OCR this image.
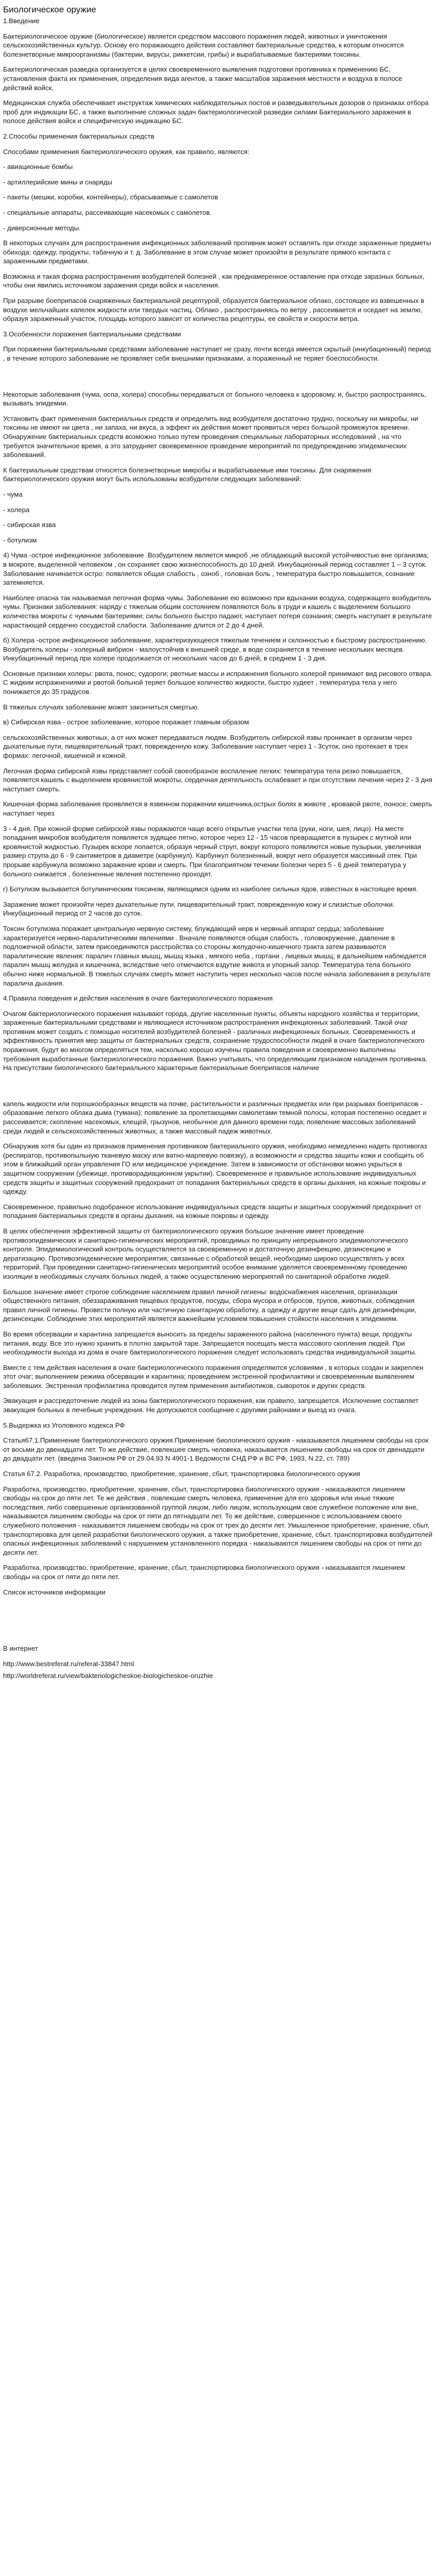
Биологическое оружие
1.Введение
Бактериологическое оружие (биологическое) является средством массового поражения людей, животных и уничтожения сельскохозяйственных культур. Основу его поражающего действия составляют бактериальные средства, к которым относятся болезнетворные микроорганизмы (бактерии, вирусы, риккетсии, грибы) и вырабатываемые бактериями токсины.
Бактериологическая разведка организуется в целях своевременного выявления подготовки противника к применению БС, установления факта их применения, определения вида агентов, а также масштабов заражения местности и воздуха в полосе действий войск.
Медицинская служба обеспечивает инструктаж химических наблюдательных постов и разведывательных дозоров о признаках отбора проб для индикации БС, а также выполнение сложных задач бактериологической разведки силами Бактериального заражения в полосе действия войск и специфическую индикацию БС.
2.Способы применения бактериальных средств
Способами применения бактериологического оружия, как правило, являются:
- авиационные бомбы
- артиллерийские мины и снаряды
- пакеты (мешки, коробки, контейнеры), сбрасываемые с самолетов
- специальные аппараты, рассеивающие насекомых с самолетов.
- диверсионные методы.
В некоторых случаях для распространения инфекционных заболеваний противник может оставлять при отходе зараженные предметы обихода: одежду, продукты, табачную и т. д. Заболевание в этом случае может произойти в результате прямого контакта с зараженными предметами.
Возможна и такая форма распространения возбудителей болезней , как преднамеренное оставление при отходе заразных больных, чтобы они явились источником заражения среди войск и населения.
При разрыве боеприпасов снаряженных бактериальной рецептурой, образуется бактериальное облако, состоящее из взвешенных в воздухе мельчайших капелек жидкости или твердых частиц. Облако , распространяясь по ветру , рассеивается и оседает на землю, образуя зараженный участок, площадь которого зависит от количества рецептуры, ее свойств и скорости ветра.
3.Особенности поражения бактериальными средствами
При поражении бактериальными средствами заболевание наступает не сразу, почти всегда имеется скрытый (инкубационный) период , в течение которого заболевание не проявляет себя внешними признаками, а пораженный не теряет боеспособности.
Некоторые заболевания (чума, оспа, холера) способны передаваться от больного человека к здоровому, и, быстро распространяясь, вызывать эпидемии.
Установить факт применения бактериальных средств и определить вид возбудителя достаточно трудно, поскольку ни микробы, ни токсины не имеют ни цвета , ни запаха, ни вкуса, а эффект их действия может проявиться через большой промежуток времени. Обнаружение бактериальных средств возможно только путем проведения специальных лабораторных исследований , на что требуется значительное время, а это затрудняет своевременное проведение мероприятий по предупреждению эпидемических заболеваний.
К бактериальным средствам относятся болезнетворные микробы и вырабатываемые ими токсины. Для снаряжения бактериологического оружия могут быть использованы возбудители следующих заболеваний:
- чума
- холера
- сибирская язва
- ботулизм
4) Чума -острое инфекционное заболевание .Возбудителем является микроб ,не обладающий высокой устойчивостью вне организма; в мокроте, выделенной человеком , он сохраняет свою жизнеспособность до 10 дней. Инкубационный период составляет 1 – 3 суток. Заболевание начинается остро: появляется общая слабость , озноб , головная боль , температура быстро повышается, сознание затемняется.
Наиболее опасна так называемая легочная форма чумы. Заболевание ею возможно при вдыхании воздуха, содержащего возбудитель чумы. Признаки заболевания: наряду с тяжелым общим состоянием появляются боль в груди и кашель с выделением большого количества мокроты с чумными бактериями; силы больного быстро падают, наступает потеря сознания; смерть наступает в результате нарастающей сердечно сосудистой слабости. Заболевание длится от 2 до 4 дней.
б) Холера -острое инфекционное заболевание, характеризующееся тяжелым течением и склонностью к быстрому распространению. Возбудитель холеры - холерный вибрион - малоустойчив к внешней среде, в воде сохраняется в течение нескольких месяцев. Инкубационный период при холере продолжается от нескольких часов до 6 дней, в среднем 1 - 3 дня.
Основные признаки холеры: рвота, понос; судороги; рвотные массы и испражнения больного холерой принимают вид рисового отвара. С жидким испражнениями и рвотой больной теряет большое количество жидкости, быстро худеет , температура тела у него понижается до 35 градусов.
В тяжелых случаях заболевание может закончиться смертью.
в) Сибирская язва - острое заболевание, которое поражает главным образом
сельскохозяйственных животных, а от них может передаваться людям. Возбудитель сибирской язвы проникает в организм через дыхательные пути, пищеварительный тракт, поврежденную кожу. Заболевание наступает через 1 - 3суток, оно протекает в трех формах: легочной, кишечной и кожной.
Легочная форма сибирской язвы представляет собой своеобразное воспаление легких: температура тела резко повышается, появляется кашель с выделением кровянистой мокроты, сердечная деятельность ослабевает и при отсутствии лечения через 2 - 3 дня наступает смерть.
Кишечная форма заболевания проявляется в язвенном поражении кишечника,острых болях в животе , кровавой рвоте, поносе; смерть наступает через
3 - 4 дня. При кожной форме сибирской язвы поражаются чаще всего открытые участки тела (руки, ноги, шея, лицо). На месте попадания микробов возбудителя появляется зудящее пятно, которое через 12 - 15 часов превращается в пузырек с мутной или кровянистой жидкостью. Пузырек вскоре лопается, образуя черный струп, вокруг которого появляются новые пузырьки, увеличивая размер струпа до 6 - 9 сантиметров в диаметре (карбункул). Карбункул болезненный, вокруг него образуется массивный отек. При прорыве карбункула возможно заражение крови и смерть. При благоприятном течении болезни через 5 - 6 дней температура у больного снижается , болезненные явления постепенно проходят.
г) Ботулизм вызывается ботулиническим токсином, являющимся одним из наиболее сильных ядов, известных в настоящее время.
Заражение может произойти через дыхательные пути, пищеварительный тракт, поврежденную кожу и слизистые оболочки. Инкубационный период от 2 часов до суток.
Токсин ботулизма поражает центральную нервную систему, блуждающий нерв и нервный аппарат сердца; заболевание характеризуется нервно-паралитическими явлениями . Вначале появляются общая слабость , головокружение, давление в подложечной области, затем присоединяются расстройства со стороны желудочно-кишечного тракта затем развиваются паралитические явления: паралич главных мышц, мышц языка , мягкого неба , гортани , лицевых мышц; в дальнейшем наблюдается паралич мышц желудка и кишечника, вследствие чего отмечаются вздутие живота и упорный запор. Температура тела больного обычно ниже нормальной. В тяжелых случаях смерть может наступить через несколько часов после начала заболевания в результате паралича дыхания.
4.Правила поведения и действия населения в очаге бактериологического поражения
Очагом бактериологического поражения называют города, другие населенные пункты, объекты народного хозяйства и территории, зараженные бактериальными средствами и являющиеся источником распространения инфекционных заболеваний. Такой очаг противник может создать с помощью носителей возбудителей болезней - различных инфекционных больных. Своевременность и эффективность принятия мер защиты от бактериальных средств, сохранение трудоспособности людей в очаге бактериологического поражения, будут во многом определяться тем, насколько хорошо изучены правила поведения и своевременно выполнены требования выработанные бактериологического поражения. Важно учитывать, что определяющим признаком нападения противника. На присутствии биологического бактериального характерные бактериальные боеприпасов наличие
капель жидкости или порошкообразных веществ на почве, растительности и различных предметах или при разрывах боеприпасов - образование легкого облака дыма (тумана); появление за пролетающими самолетами темной полосы, которая постепенно оседает и рассеивается; скопление насекомых, клещей, грызунов, необычное для данного времени года; появление массовых заболеваний среди людей и сельскохозяйственных животных, а также массовый падеж животных.
Обнаружив хотя бы один из признаков применения противником бактериального оружия, необходимо немедленно надеть противогаз (респиратор, противопыльную тканевую маску или ватно-марлевую повязку), а возможности и средства защиты кожи и сообщить об этом в ближайший орган управления ГО или медицинское учреждение. Затем в зависимости от обстановки можно укрыться в защитном сооружении (убежище, противорадиационном укрытии). Своевременное и правильное использование индивидуальных средств защиты и защитных сооружений предохранит от попадания бактериальных средств в органы дыхания, на кожные покровы и одежду.
Своевременное, правильно подобранное использование индивидуальных средств защиты и защитных сооружений предохранит от попадания бактериальных средств в органы дыхания, на кожные покровы и одежду.
В целях обеспечения эффективной защиты от бактериологического оружия большое значение имеет проведение противоэпидемических и санитарно-гигиенических мероприятий, проводимых по принципу непрерывного эпидемиологического контроля. Эпидемиологический контроль осуществляется за своевременную и достаточную дезинфекцию, дезинсекцию и дератизацию. Противоэпидемические мероприятия, связанные с обработкой вещей, необходимо широко осуществлять у всех территорий. При проведении санитарно-гигиенических мероприятий особое внимание уделяется своевременному проведению изоляции в необходимых случаях больных людей, а также осуществлению мероприятий по санитарной обработке людей.
Большое значение имеет строгое соблюдение населением правил личной гигиены: водоснабжения населения, организации общественного питания, обеззараживания пищевых продуктов, посуды, сбора мусора и отбросов, трупов, животных, соблюдения правил личной гигиены. Провести полную или частичную санитарную обработку, а одежду и другие вещи сдать для дезинфекции, дезинсекции. Соблюдение этих мероприятий является важнейшим условием повышения стойкости населения к эпидемиям.
Во время обсервации и карантина запрещается выносить за пределы зараженного района (населенного пункта) вещи, продукты питания, воду. Все это нужно хранить в плотно закрытой таре. Запрещается посещать места массового скопления людей. При необходимости выхода из дома в очаге бактериологического поражения следует использовать средства индивидуальной защиты.
Вместе с тем действия населения в очаге бактериологического поражения определяются условиями , в которых создан и закреплен этот очаг; выполнением режима обсервации и карантина; проведением экстренной профилактики и своевременным выявлением заболевших. Экстренная профилактика проводится путем применения антибиотиков, сывороток и других средств.
Эвакуация и рассредоточение людей из зоны бактериологического поражения, как правило, запрещается. Исключение составляет эвакуация больных в лечебные учреждения. Не допускаются сообщение с другими районами и выезд из очага.
5.Выдержка из Уголовного кодекса РФ
Статья67.1.Применение бактериологического оружия.Применение биологического оружия - наказывается лишением свободы на срок от восьми до двенадцати лет. То же действие, повлекшее смерть человека, наказывается лишением свободы на срок от двенадцати до двадцати лет. (введена Законом РФ от 29.04.93 N 4901-1 Ведомости СНД РФ и ВС РФ, 1993, N 22, ст. 789)
Статья 67.2. Разработка, производство, приобретение, хранение, сбыт, транспортировка биологического оружия
Разработка, производство, приобретение, хранение, сбыт, транспортировка биологического оружия - наказываются лишением свободы на срок до пяти лет. Те же действия , повлекшие смерть человека, применение для его здоровья или иные тяжкие последствия, либо совершенные организованной группой лицом, либо лицом, использующим свое служебное положение или вне, наказываются лишением свободы на срок от пяти до пятнадцати лет. То же действие, совершенное с использованием своего служебного положения - наказывается лишением свободы на срок от трех до десяти лет. Умышленное приобретение, хранение, сбыт, транспортировка для целей разработки биологического оружия, а также приобретение, хранение, сбыт, транспортировка возбудителей опасных инфекционных заболеваний с нарушением установленного порядка - наказываются лишением свободы на срок от пяти до десяти лет.
Разработка, производство, приобретение, хранение, сбыт, транспортировка биологического оружия - наказываются лишением свободы на срок от пяти до пяти лет.
Список источников информации
В интернет
http://www.bestreferat.ru/referat-33847.html
http://worldreferat.ru/view/bakteriologicheskoe-biologicheskoe-oruzhie
